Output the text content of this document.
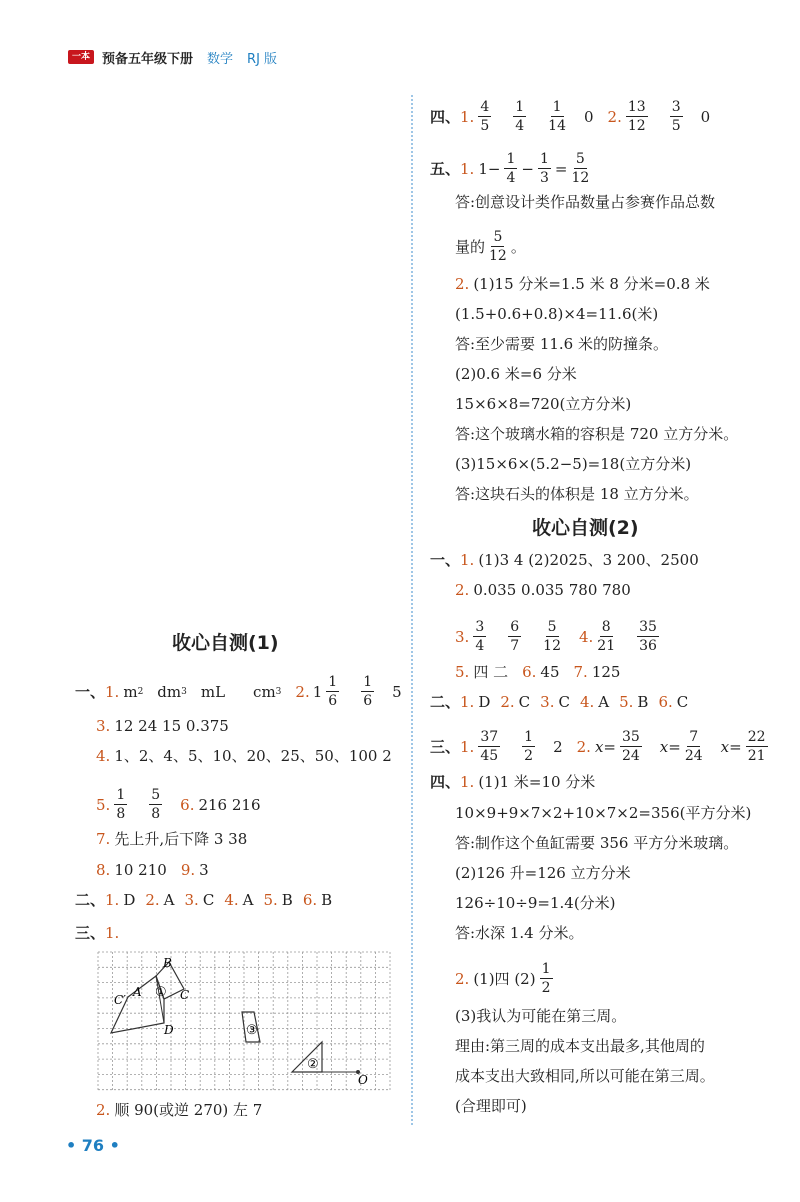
一本 预备五年级下册 数学 RJ 版
四、 1. $\frac{4}{5} \frac{1}{4} \frac{1}{14} 0$ 2. $\frac{13}{12} \frac{3}{5} 0$
五、 1. $1- \frac{1}{4} - \frac{1}{3} = \frac{5}{12}$
答:创意设计类作品数量占参赛作品总数
量的 $\frac{5}{12}$ 。
2. (1)15 分米=1.5 米 8 分米=0.8 米
(1.5+0.6+0.8)×4=11.6(米)
答:至少需要 11.6 米的防撞条。
(2)0.6 米=6 分米
15×6×8=720(立方分米)
答:这个玻璃水箱的容积是 720 立方分米。
(3)15×6×(5.2−5)=18(立方分米)
答:这块石头的体积是 18 立方分米。
收心自测(2)
一、 1. (1)3 4 (2)2025、3 200、2500
2. 0.035 0.035 780 780
3. $\frac{3}{4} \frac{6}{7} \frac{5}{12} 4$. $\frac{8}{21} \frac{35}{36}$
5. 四 二 6. 45 7. 125
二、 1. D 2. C 3. C 4. A 5. B 6. C
三、 1. $\frac{37}{45} \frac{1}{2} 2$ 2. $x= \frac{35}{24} x= \frac{7}{24} x= \frac{22}{21}$
四、 1. (1)1 米=10 分米
10×9+9×7×2+10×7×2=356(平方分米)
答:制作这个鱼缸需要 356 平方分米玻璃。
(2)126 升=126 立方分米
126÷10÷9=1.4(分米)
答:水深 1.4 分米。
2. (1)四 $(2) \frac{1}{2}$
(3)我认为可能在第三周。
理由:第三周的成本支出最多,其他周的
成本支出大致相同,所以可能在第三周。
(合理即可)
收心自测(1)
一、 1. m 2 dm 3 mL cm 3 2. $1 \frac{1}{6} \frac{1}{6} 5$
3. 12 24 15 0.375
4. 1、2、4、5、10、20、25、50、100 2
5. $\frac{1}{8} \frac{5}{8} 6$. 216 216
7. 先上升,后下降 3 38
8. 10 210 9. 3
二、 1. D 2. A 3. C 4. A 5. B 6. B
三、 1.
B
A	C
C′
D
O
①
③
②
2. 顺 90(或逆 270) 左 7
• 76 •
